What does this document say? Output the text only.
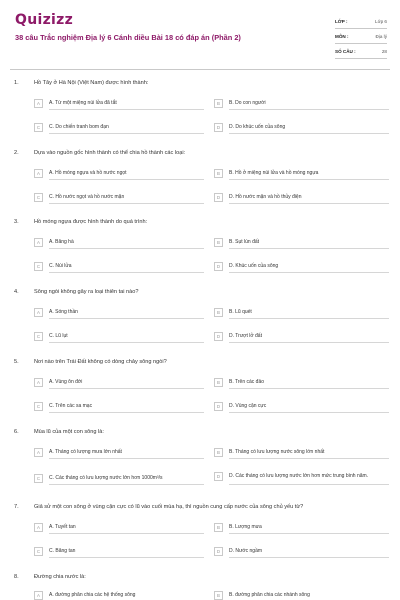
Quizizz
38 câu Trắc nghiệm Địa lý 6 Cánh diều Bài 18 có đáp án (Phần 2)
LỚP :	Lớp 6
MÔN :	Địa lý
SỐ CÂU :	28
1.	Hồ Tây ở Hà Nội (Việt Nam) được hình thành:
A	A. Từ một miệng núi lửa đã tắt	B	B. Do con người
C	C. Do chiến tranh bom đạn	D	D. Do khúc uốn của sông
2.	Dựa vào nguồn gốc hình thành có thể chia hồ thành các loại:
A	A. Hồ móng ngựa và hồ nước ngọt	B	B. Hồ ở miệng núi lửa và hồ móng ngựa
C	C. Hồ nước ngọt và hồ nước mặn	D	D. Hồ nước mặn và hồ thủy điện
3.	Hồ móng ngựa được hình thành do quá trình:
A	A. Băng hà	B	B. Sụt lún đất
C	C. Núi lửa	D	D. Khúc uốn của sông
4.	Sông ngòi không gây ra loại thiên tai nào?
A	A. Sóng thần	B	B. Lũ quét
C	C. Lũ lụt	D	D. Trượt lở đất
5.	Nơi nào trên Trái Đất không có dòng chảy sông ngòi?
A	A. Vùng ôn đới	B	B. Trên các đảo
C	C. Trên các sa mạc	D	D. Vùng cận cực
6.	Mùa lũ của một con sông là:
A	A. Tháng có lượng mưa lớn nhất	B	B. Tháng có lưu lượng nước sông lớn nhất
C	C. Các tháng có lưu lượng nước lớn hơn 1000m³/s	D	D. Các tháng có lưu lượng nước lớn hơn mức trung bình năm.
7.	Giả sử một con sông ở vùng cận cực có lũ vào cuối mùa hạ, thì nguồn cung cấp nước của sông chủ yếu từ?
A	A. Tuyết tan	B	B. Lượng mưa
C	C. Băng tan	D	D. Nước ngầm
8.	Đường chia nước là:
A	A. đường phân chia các hệ thống sông	B	B. đường phân chia các nhánh sông
